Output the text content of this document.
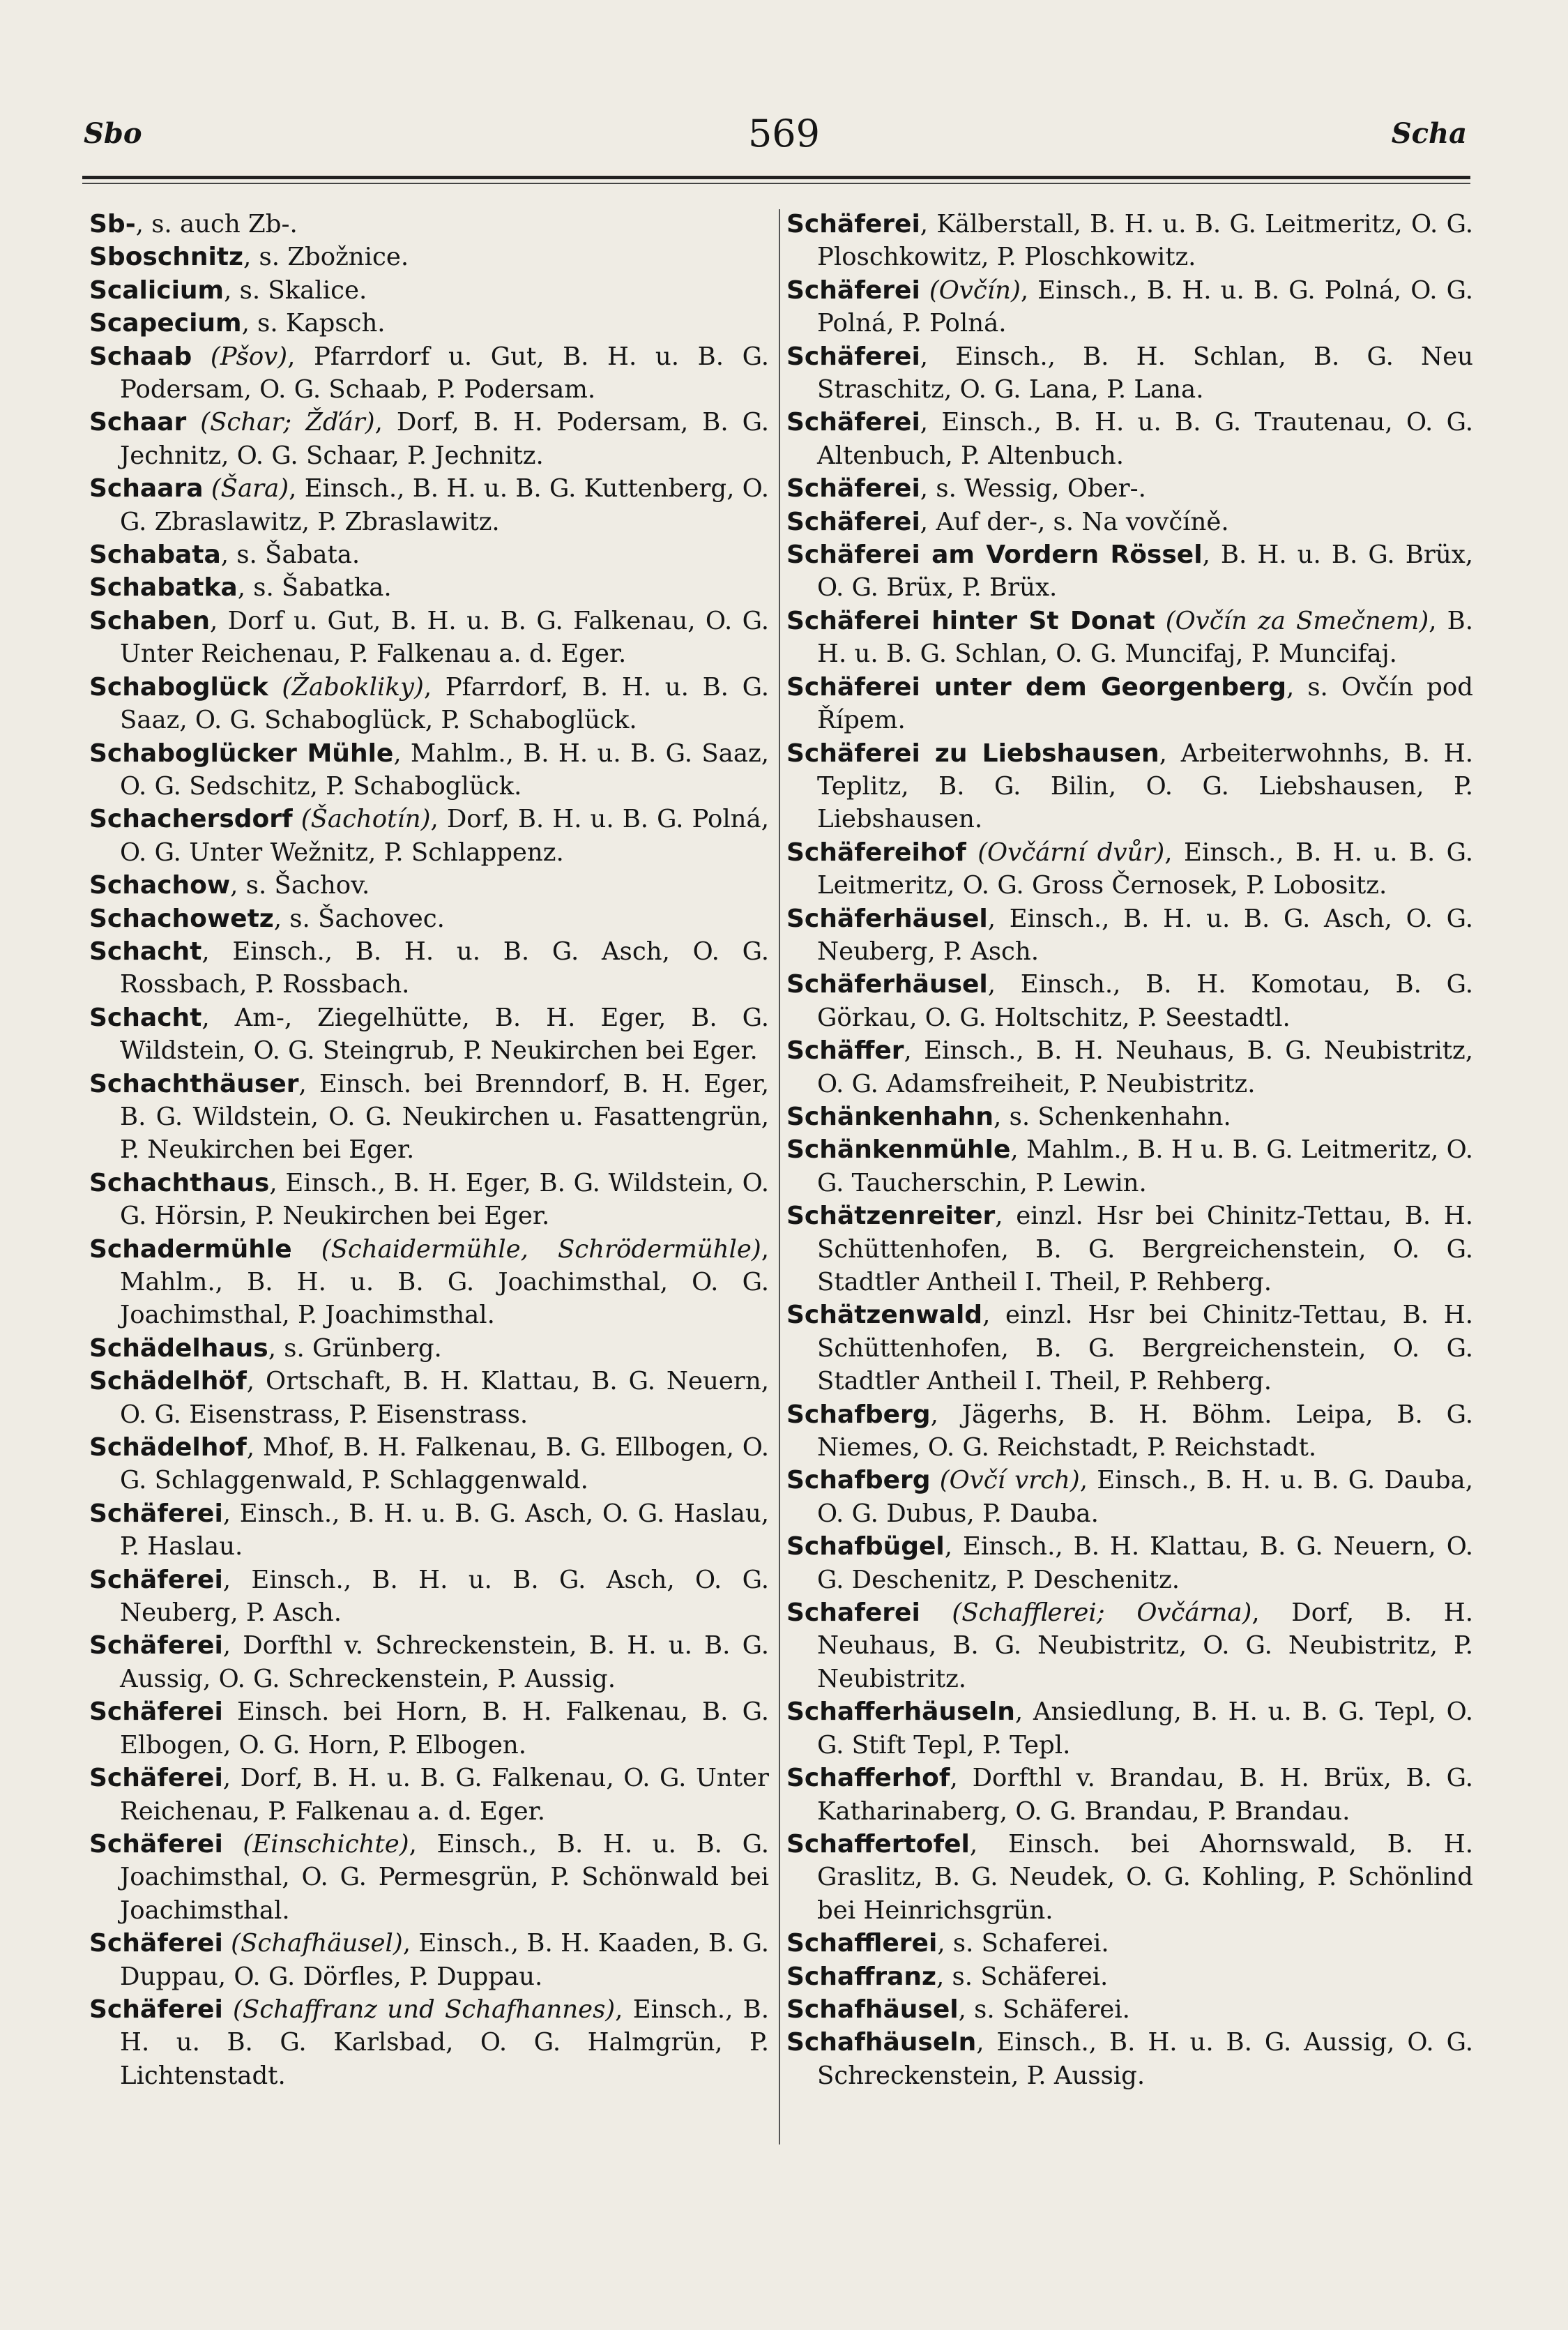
Sbo	569	Scha
Sb-, s. auch Zb-.
Sboschnitz, s. Zbožnice.
Scalicium, s. Skalice.
Scapecium, s. Kapsch.
Schaab (Pšov), Pfarrdorf u. Gut, B. H. u. B. G. Podersam, O. G. Schaab, P. Podersam.
Schaar (Schar; Žďár), Dorf, B. H. Podersam, B. G. Jechnitz, O. G. Schaar, P. Jechnitz.
Schaara (Šara), Einsch., B. H. u. B. G. Kuttenberg, O. G. Zbraslawitz, P. Zbraslawitz.
Schabata, s. Šabata.
Schabatka, s. Šabatka.
Schaben, Dorf u. Gut, B. H. u. B. G. Falkenau, O. G. Unter Reichenau, P. Falkenau a. d. Eger.
Schaboglück (Žabokliky), Pfarrdorf, B. H. u. B. G. Saaz, O. G. Schaboglück, P. Schaboglück.
Schaboglücker Mühle, Mahlm., B. H. u. B. G. Saaz, O. G. Sedschitz, P. Schaboglück.
Schachersdorf (Šachotín), Dorf, B. H. u. B. G. Polná, O. G. Unter Wežnitz, P. Schlappenz.
Schachow, s. Šachov.
Schachowetz, s. Šachovec.
Schacht, Einsch., B. H. u. B. G. Asch, O. G. Rossbach, P. Rossbach.
Schacht, Am-, Ziegelhütte, B. H. Eger, B. G. Wildstein, O. G. Steingrub, P. Neukirchen bei Eger.
Schachthäuser, Einsch. bei Brenndorf, B. H. Eger, B. G. Wildstein, O. G. Neukirchen u. Fasattengrün, P. Neukirchen bei Eger.
Schachthaus, Einsch., B. H. Eger, B. G. Wildstein, O. G. Hörsin, P. Neukirchen bei Eger.
Schadermühle (Schaidermühle, Schrödermühle), Mahlm., B. H. u. B. G. Joachimsthal, O. G. Joachimsthal, P. Joachimsthal.
Schädelhaus, s. Grünberg.
Schädelhöf, Ortschaft, B. H. Klattau, B. G. Neuern, O. G. Eisenstrass, P. Eisenstrass.
Schädelhof, Mhof, B. H. Falkenau, B. G. Ellbogen, O. G. Schlaggenwald, P. Schlaggenwald.
Schäferei, Einsch., B. H. u. B. G. Asch, O. G. Haslau, P. Haslau.
Schäferei, Einsch., B. H. u. B. G. Asch, O. G. Neuberg, P. Asch.
Schäferei, Dorfthl v. Schreckenstein, B. H. u. B. G. Aussig, O. G. Schreckenstein, P. Aussig.
Schäferei Einsch. bei Horn, B. H. Falkenau, B. G. Elbogen, O. G. Horn, P. Elbogen.
Schäferei, Dorf, B. H. u. B. G. Falkenau, O. G. Unter Reichenau, P. Falkenau a. d. Eger.
Schäferei (Einschichte), Einsch., B. H. u. B. G. Joachimsthal, O. G. Permesgrün, P. Schönwald bei Joachimsthal.
Schäferei (Schafhäusel), Einsch., B. H. Kaaden, B. G. Duppau, O. G. Dörfles, P. Duppau.
Schäferei (Schaffranz und Schafhannes), Einsch., B. H. u. B. G. Karlsbad, O. G. Halmgrün, P. Lichtenstadt.
Schäferei, Kälberstall, B. H. u. B. G. Leitmeritz, O. G. Ploschkowitz, P. Ploschkowitz.
Schäferei (Ovčín), Einsch., B. H. u. B. G. Polná, O. G. Polná, P. Polná.
Schäferei, Einsch., B. H. Schlan, B. G. Neu Straschitz, O. G. Lana, P. Lana.
Schäferei, Einsch., B. H. u. B. G. Trautenau, O. G. Altenbuch, P. Altenbuch.
Schäferei, s. Wessig, Ober-.
Schäferei, Auf der-, s. Na vovčíně.
Schäferei am Vordern Rössel, B. H. u. B. G. Brüx, O. G. Brüx, P. Brüx.
Schäferei hinter St Donat (Ovčín za Smečnem), B. H. u. B. G. Schlan, O. G. Muncifaj, P. Muncifaj.
Schäferei unter dem Georgenberg, s. Ovčín pod Řípem.
Schäferei zu Liebshausen, Arbeiterwohnhs, B. H. Teplitz, B. G. Bilin, O. G. Liebshausen, P. Liebshausen.
Schäfereihof (Ovčární dvůr), Einsch., B. H. u. B. G. Leitmeritz, O. G. Gross Černosek, P. Lobositz.
Schäferhäusel, Einsch., B. H. u. B. G. Asch, O. G. Neuberg, P. Asch.
Schäferhäusel, Einsch., B. H. Komotau, B. G. Görkau, O. G. Holtschitz, P. Seestadtl.
Schäffer, Einsch., B. H. Neuhaus, B. G. Neubistritz, O. G. Adamsfreiheit, P. Neubistritz.
Schänkenhahn, s. Schenkenhahn.
Schänkenmühle, Mahlm., B. H u. B. G. Leitmeritz, O. G. Taucherschin, P. Lewin.
Schätzenreiter, einzl. Hsr bei Chinitz-Tettau, B. H. Schüttenhofen, B. G. Bergreichenstein, O. G. Stadtler Antheil I. Theil, P. Rehberg.
Schätzenwald, einzl. Hsr bei Chinitz-Tettau, B. H. Schüttenhofen, B. G. Bergreichenstein, O. G. Stadtler Antheil I. Theil, P. Rehberg.
Schafberg, Jägerhs, B. H. Böhm. Leipa, B. G. Niemes, O. G. Reichstadt, P. Reichstadt.
Schafberg (Ovčí vrch), Einsch., B. H. u. B. G. Dauba, O. G. Dubus, P. Dauba.
Schafbügel, Einsch., B. H. Klattau, B. G. Neuern, O. G. Deschenitz, P. Deschenitz.
Schaferei (Schafflerei; Ovčárna), Dorf, B. H. Neuhaus, B. G. Neubistritz, O. G. Neubistritz, P. Neubistritz.
Schafferhäuseln, Ansiedlung, B. H. u. B. G. Tepl, O. G. Stift Tepl, P. Tepl.
Schafferhof, Dorfthl v. Brandau, B. H. Brüx, B. G. Katharinaberg, O. G. Brandau, P. Brandau.
Schaffertofel, Einsch. bei Ahornswald, B. H. Graslitz, B. G. Neudek, O. G. Kohling, P. Schönlind bei Heinrichsgrün.
Schafflerei, s. Schaferei.
Schaffranz, s. Schäferei.
Schafhäusel, s. Schäferei.
Schafhäuseln, Einsch., B. H. u. B. G. Aussig, O. G. Schreckenstein, P. Aussig.
